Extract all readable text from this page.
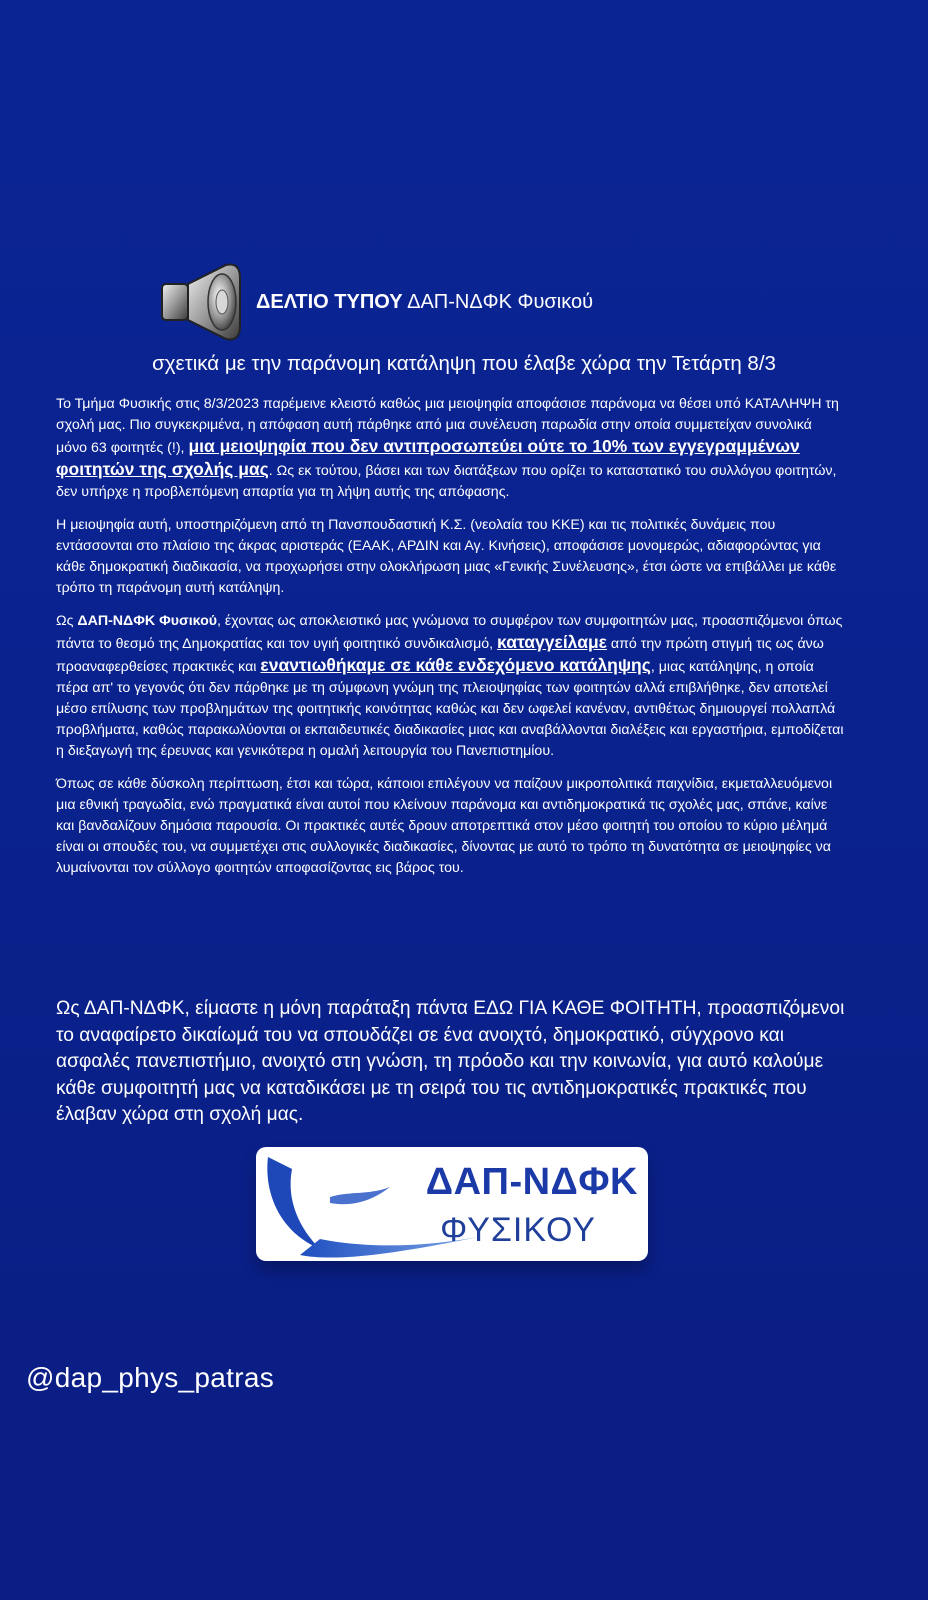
ΔΕΛΤΙΟ ΤΥΠΟΥ ΔΑΠ-ΝΔΦΚ Φυσικού
σχετικά με την παράνομη κατάληψη που έλαβε χώρα την Τετάρτη 8/3

Το Τμήμα Φυσικής στις 8/3/2023 παρέμεινε κλειστό καθώς μια μειοψηφία αποφάσισε παράνομα να θέσει υπό ΚΑΤΑΛΗΨΗ τη σχολή μας. Πιο συγκεκριμένα, η απόφαση αυτή πάρθηκε από μια συνέλευση παρωδία στην οποία συμμετείχαν συνολικά μόνο 63 φοιτητές (!), μια μειοψηφία που δεν αντιπροσωπεύει ούτε το 10% των εγγεγραμμένων φοιτητών της σχολής μας. Ως εκ τούτου, βάσει και των διατάξεων που ορίζει το καταστατικό του συλλόγου φοιτητών, δεν υπήρχε η προβλεπόμενη απαρτία για τη λήψη αυτής της απόφασης.

Η μειοψηφία αυτή, υποστηριζόμενη από τη Πανσπουδαστική Κ.Σ. (νεολαία του ΚΚΕ) και τις πολιτικές δυνάμεις που εντάσσονται στο πλαίσιο της άκρας αριστεράς (ΕΑΑΚ, ΑΡΔΙΝ και Αγ. Κινήσεις), αποφάσισε μονομερώς, αδιαφορώντας για κάθε δημοκρατική διαδικασία, να προχωρήσει στην ολοκλήρωση μιας «Γενικής Συνέλευσης», έτσι ώστε να επιβάλλει με κάθε τρόπο τη παράνομη αυτή κατάληψη.

Ως ΔΑΠ-ΝΔΦΚ Φυσικού, έχοντας ως αποκλειστικό μας γνώμονα το συμφέρον των συμφοιτητών μας, προασπιζόμενοι όπως πάντα το θεσμό της Δημοκρατίας και τον υγιή φοιτητικό συνδικαλισμό, καταγγείλαμε από την πρώτη στιγμή τις ως άνω προαναφερθείσες πρακτικές και εναντιωθήκαμε σε κάθε ενδεχόμενο κατάληψης, μιας κατάληψης, η οποία πέρα απ' το γεγονός ότι δεν πάρθηκε με τη σύμφωνη γνώμη της πλειοψηφίας των φοιτητών αλλά επιβλήθηκε, δεν αποτελεί μέσο επίλυσης των προβλημάτων της φοιτητικής κοινότητας καθώς και δεν ωφελεί κανέναν, αντιθέτως δημιουργεί πολλαπλά προβλήματα, καθώς παρακωλύονται οι εκπαιδευτικές διαδικασίες μιας και αναβάλλονται διαλέξεις και εργαστήρια, εμποδίζεται η διεξαγωγή της έρευνας και γενικότερα η ομαλή λειτουργία του Πανεπιστημίου.

Όπως σε κάθε δύσκολη περίπτωση, έτσι και τώρα, κάποιοι επιλέγουν να παίζουν μικροπολιτικά παιχνίδια, εκμεταλλευόμενοι μια εθνική τραγωδία, ενώ πραγματικά είναι αυτοί που κλείνουν παράνομα και αντιδημοκρατικά τις σχολές μας, σπάνε, καίνε και βανδαλίζουν δημόσια παρουσία. Οι πρακτικές αυτές δρουν αποτρεπτικά στον μέσο φοιτητή του οποίου το κύριο μέλημά είναι οι σπουδές του, να συμμετέχει στις συλλογικές διαδικασίες, δίνοντας με αυτό το τρόπο τη δυνατότητα σε μειοψηφίες να λυμαίνονται τον σύλλογο φοιτητών αποφασίζοντας εις βάρος του.

Ως ΔΑΠ-ΝΔΦΚ, είμαστε η μόνη παράταξη πάντα ΕΔΩ ΓΙΑ ΚΑΘΕ ΦΟΙΤΗΤΗ, προασπιζόμενοι το αναφαίρετο δικαίωμά του να σπουδάζει σε ένα ανοιχτό, δημοκρατικό, σύγχρονο και ασφαλές πανεπιστήμιο, ανοιχτό στη γνώση, τη πρόοδο και την κοινωνία, για αυτό καλούμε κάθε συμφοιτητή μας να καταδικάσει με τη σειρά του τις αντιδημοκρατικές πρακτικές που έλαβαν χώρα στη σχολή μας.
ΔΑΠ-ΝΔΦΚ
ΦΥΣΙΚΟΥ
@dap_phys_patras
